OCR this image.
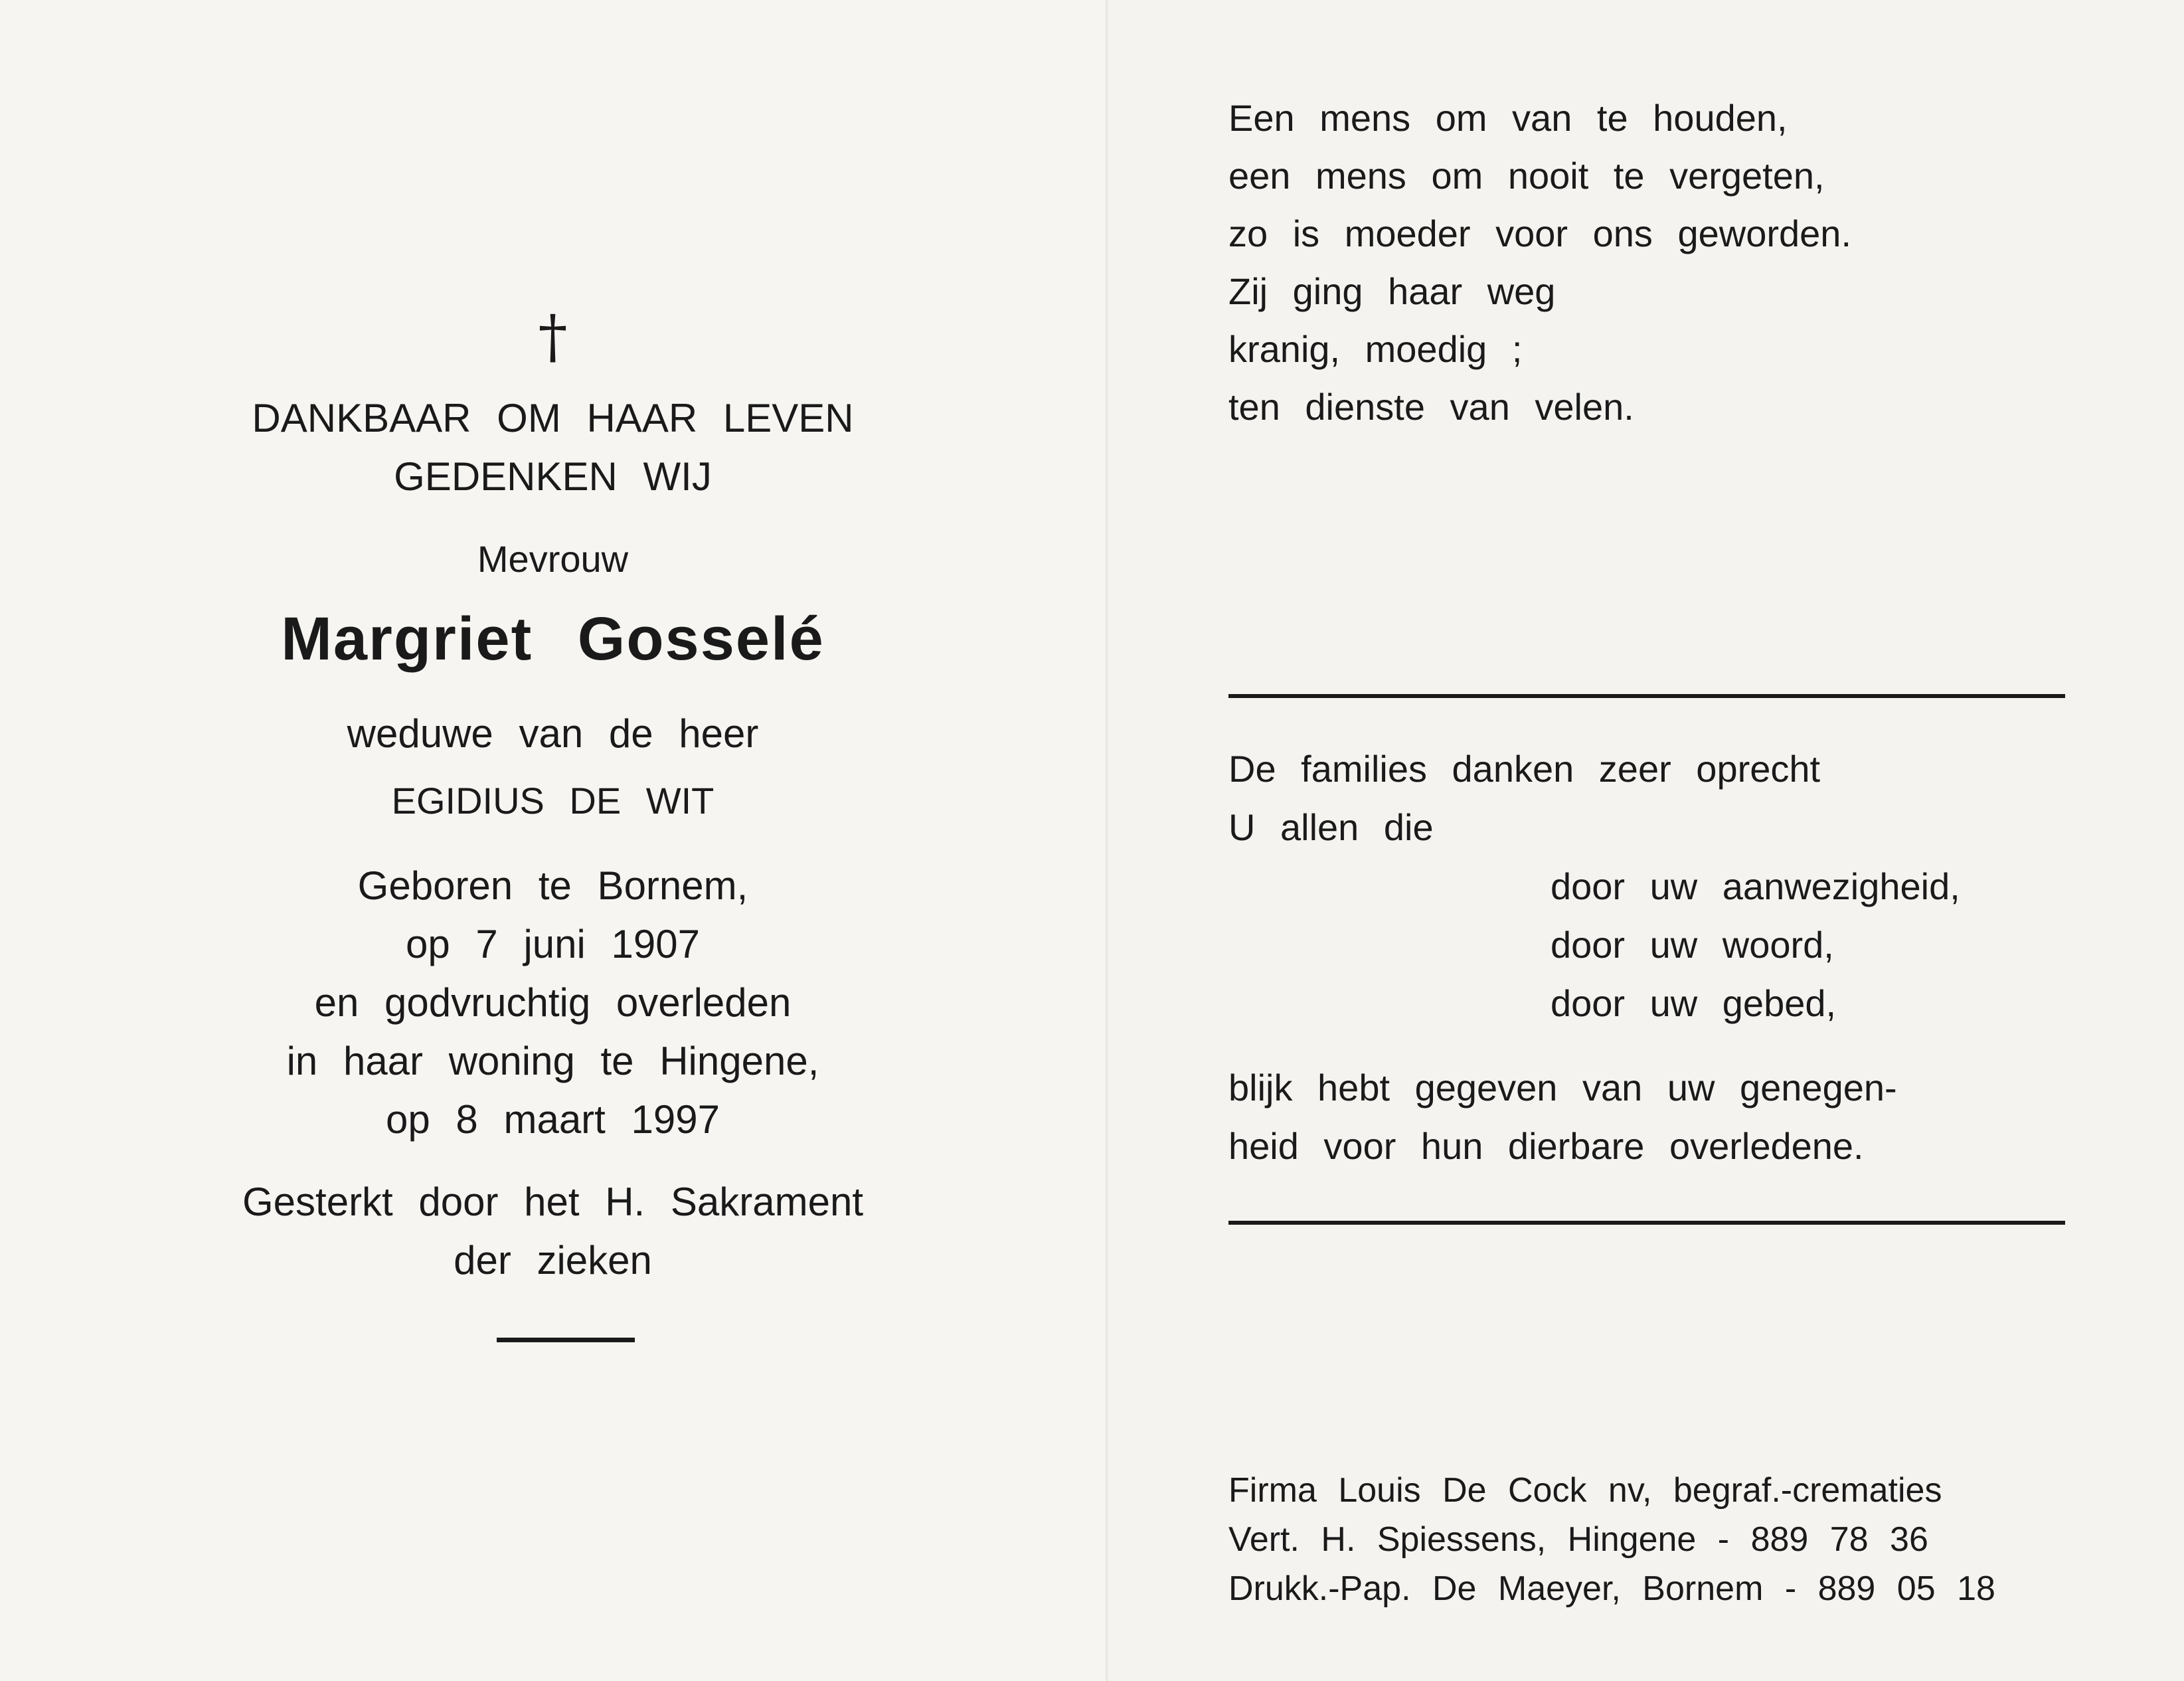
†

DANKBAAR OM HAAR LEVEN

GEDENKEN WIJ

Mevrouw

Margriet Gosselé

weduwe van de heer

EGIDIUS DE WIT

Geboren te Bornem,

op 7 juni 1907

en godvruchtig overleden

in haar woning te Hingene,

op 8 maart 1997

Gesterkt door het H. Sakrament

der zieken

Een mens om van te houden,

een mens om nooit te vergeten,

zo is moeder voor ons geworden.

Zij ging haar weg

kranig, moedig ;

ten dienste van velen.

De families danken zeer oprecht

U allen die

door uw aanwezigheid,

door uw woord,

door uw gebed,

blijk hebt gegeven van uw genegen-

heid voor hun dierbare overledene.

Firma Louis De Cock nv, begraf.-crematies

Vert. H. Spiessens, Hingene - 889 78 36

Drukk.-Pap. De Maeyer, Bornem - 889 05 18
